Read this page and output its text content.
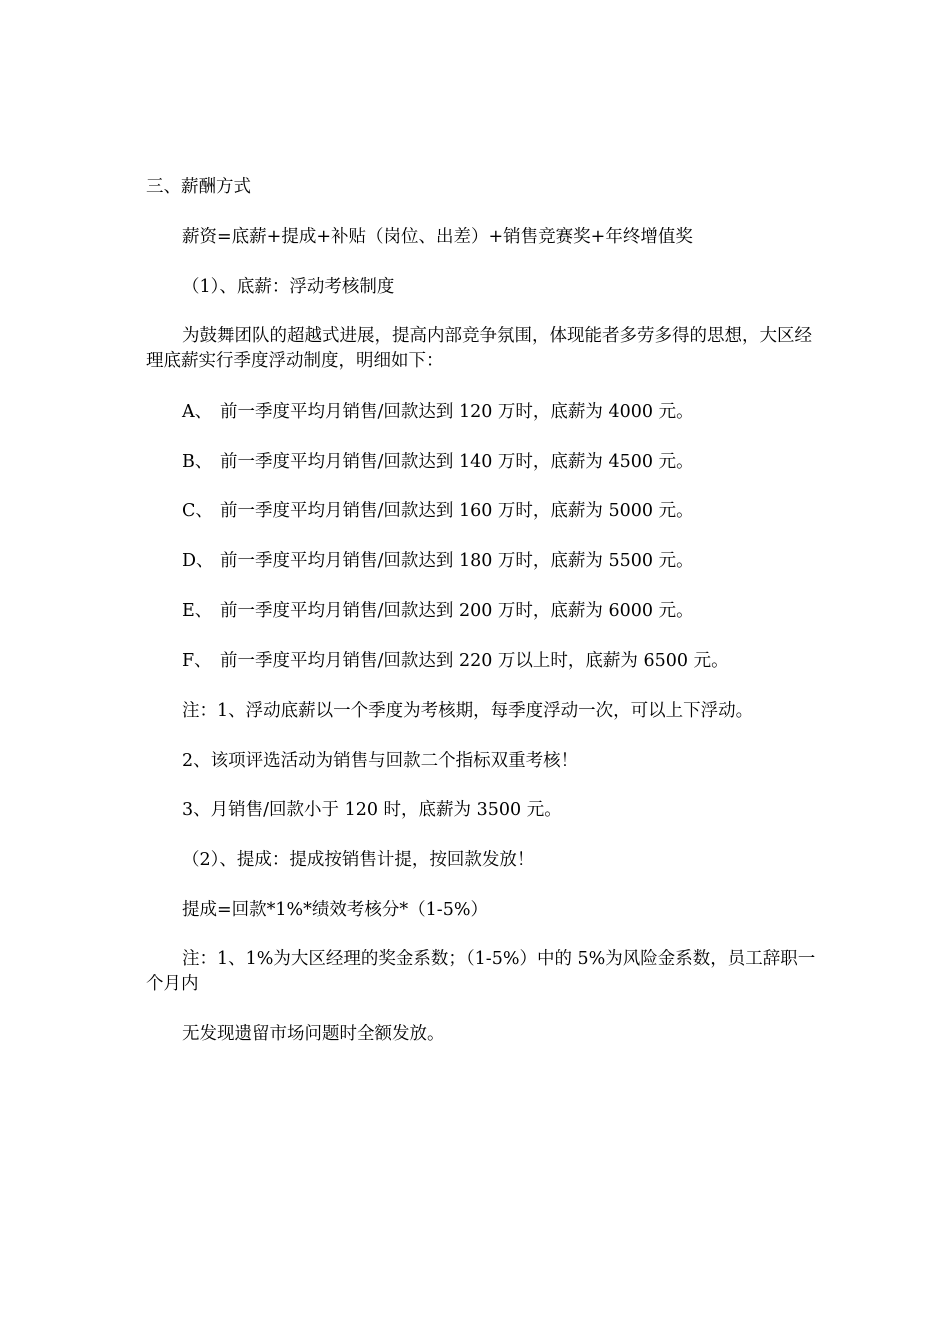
三、薪酬方式

薪资=底薪+提成+补贴（岗位、出差）+销售竞赛奖+年终增值奖

（1）、底薪：浮动考核制度

为鼓舞团队的超越式进展，提高内部竞争氛围，体现能者多劳多得的思想，大区经理底薪实行季度浮动制度，明细如下：

A、 前一季度平均月销售/回款达到 120 万时，底薪为 4000 元。
B、 前一季度平均月销售/回款达到 140 万时，底薪为 4500 元。
C、 前一季度平均月销售/回款达到 160 万时，底薪为 5000 元。
D、 前一季度平均月销售/回款达到 180 万时，底薪为 5500 元。
E、 前一季度平均月销售/回款达到 200 万时，底薪为 6000 元。
F、 前一季度平均月销售/回款达到 220 万以上时，底薪为 6500 元。

注：1、浮动底薪以一个季度为考核期，每季度浮动一次，可以上下浮动。

2、该项评选活动为销售与回款二个指标双重考核！

3、月销售/回款小于 120 时，底薪为 3500 元。

（2）、提成：提成按销售计提，按回款发放！

提成=回款*1%*绩效考核分*（1-5%）

注：1、1%为大区经理的奖金系数；（1-5%）中的 5%为风险金系数，员工辞职一个月内

无发现遗留市场问题时全额发放。
